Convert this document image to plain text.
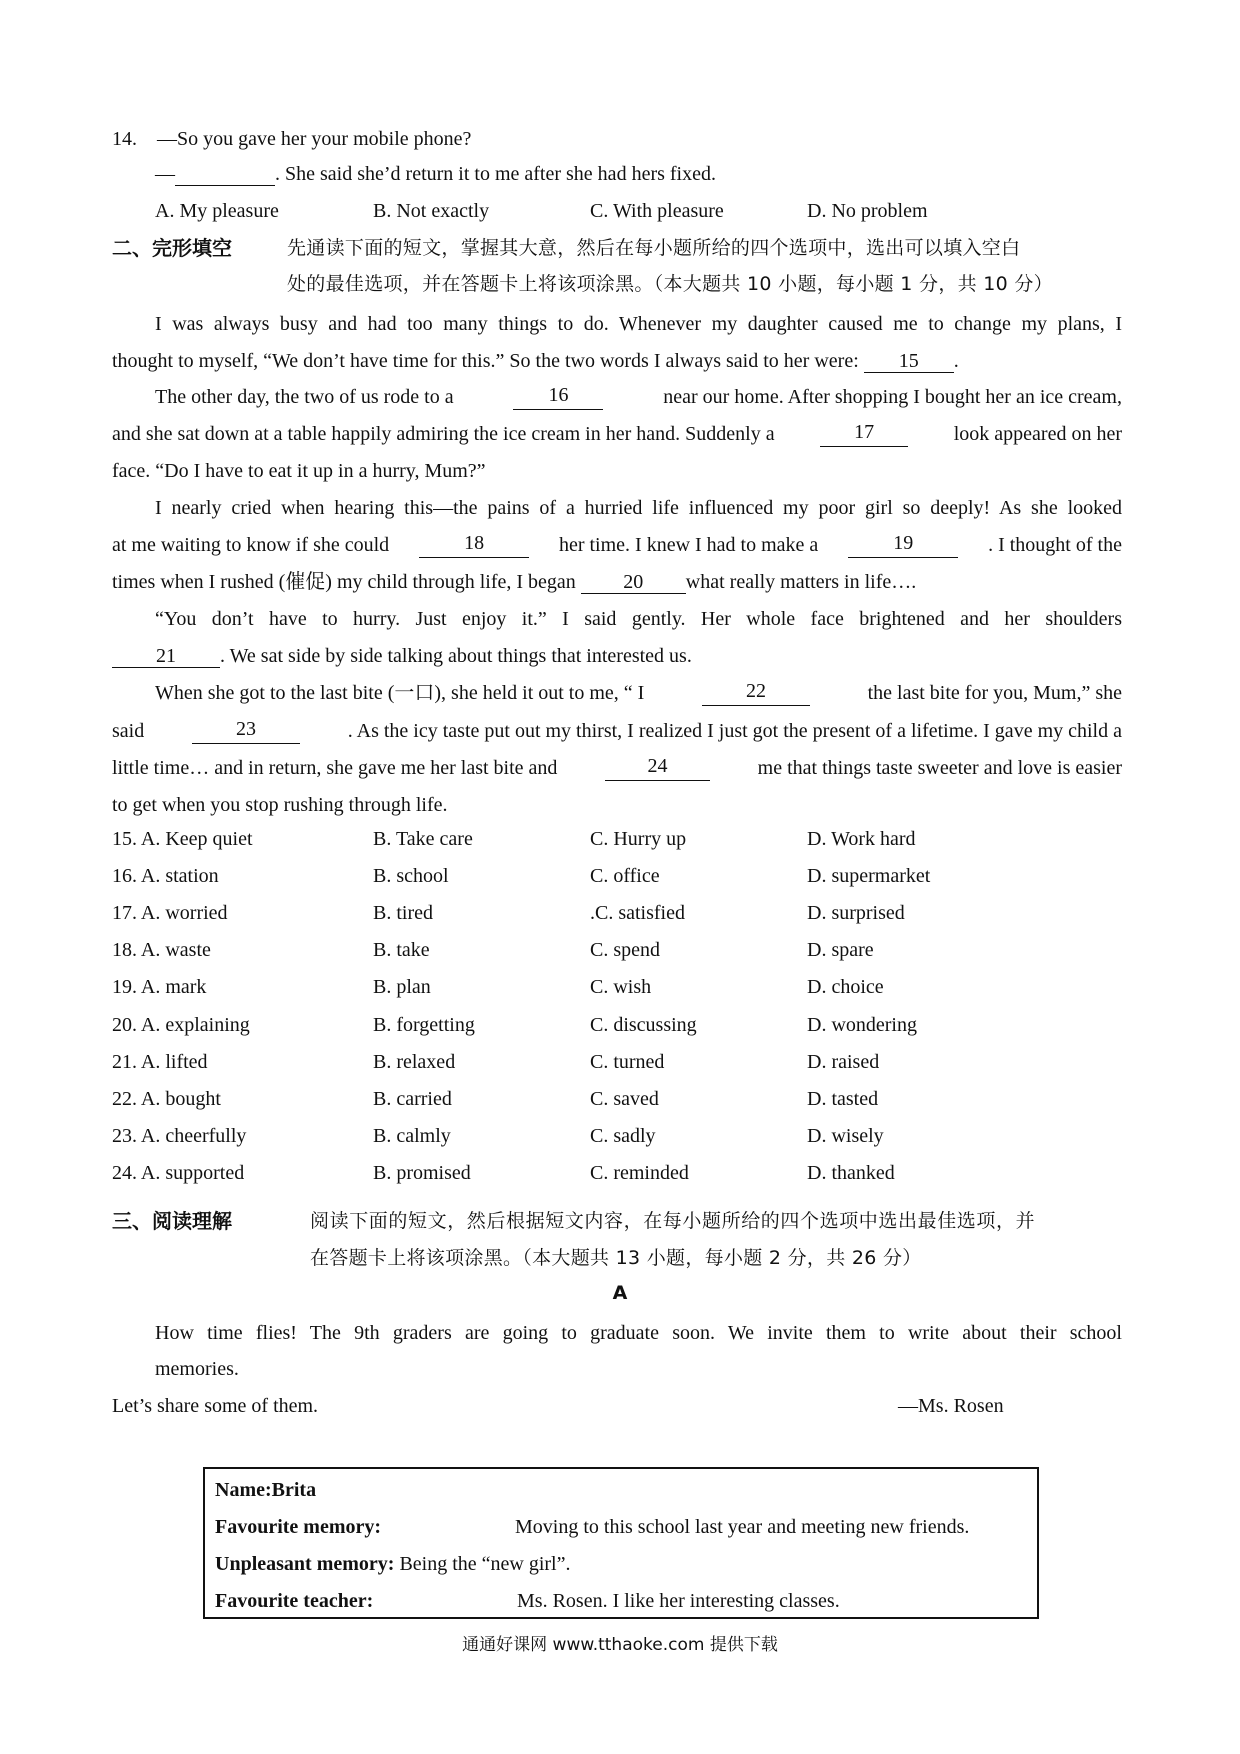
14. —So you gave her your mobile phone?
—	. She said she’d return it to me after she had hers fixed.
A. My pleasure	B. Not exactly	C. With pleasure	D. No problem
二、完形填空	先通读下面的短文，掌握其大意，然后在每小题所给的四个选项中，选出可以填入空白
处的最佳选项，并在答题卡上将该项涂黑。（本大题共 10 小题，每小题 1 分，共 10 分）
I was always busy and had too many things to do. Whenever my daughter caused me to change my plans, I
thought to myself, “We don’t have time for this.” So the two words I always said to her were: 15 .
The other day, the two of us rode to a	16	near our home. After shopping I bought her an ice cream,
and she sat down at a table happily admiring the ice cream in her hand. Suddenly a	17	look appeared on her
face. “Do I have to eat it up in a hurry, Mum?”
I nearly cried when hearing this—the pains of a hurried life influenced my poor girl so deeply! As she looked
at me waiting to know if she could	18	her time. I knew I had to make a	19	. I thought of the
times when I rushed (催促) my child through life, I began 20 what really matters in life….
“You don’t have to hurry. Just enjoy it.” I said gently. Her whole face brightened and her shoulders
21 . We sat side by side talking about things that interested us.
When she got to the last bite (一口), she held it out to me, “ I	22	the last bite for you, Mum,” she
said	23	. As the icy taste put out my thirst, I realized I just got the present of a lifetime. I gave my child a
little time… and in return, she gave me her last bite and	24	me that things taste sweeter and love is easier
to get when you stop rushing through life.
15. A. Keep quiet	B. Take care	C. Hurry up	D. Work hard
16. A. station	B. school	C. office	D. supermarket
17. A. worried	B. tired	.C. satisfied	D. surprised
18. A. waste	B. take	C. spend	D. spare
19. A. mark	B. plan	C. wish	D. choice
20. A. explaining	B. forgetting	C. discussing	D. wondering
21. A. lifted	B. relaxed	C. turned	D. raised
22. A. bought	B. carried	C. saved	D. tasted
23. A. cheerfully	B. calmly	C. sadly	D. wisely
24. A. supported	B. promised	C. reminded	D. thanked
三、阅读理解	阅读下面的短文，然后根据短文内容，在每小题所给的四个选项中选出最佳选项，并
在答题卡上将该项涂黑。（本大题共 13 小题，每小题 2 分，共 26 分）
A
How time flies! The 9th graders are going to graduate soon. We invite them to write about their school
memories.
Let’s share some of them.	—Ms. Rosen
Name:Brita
Favourite memory:	Moving to this school last year and meeting new friends.
Unpleasant memory: Being the “new girl”.
Favourite teacher:	Ms. Rosen. I like her interesting classes.
通通好课网 www.tthaoke.com 提供下载
